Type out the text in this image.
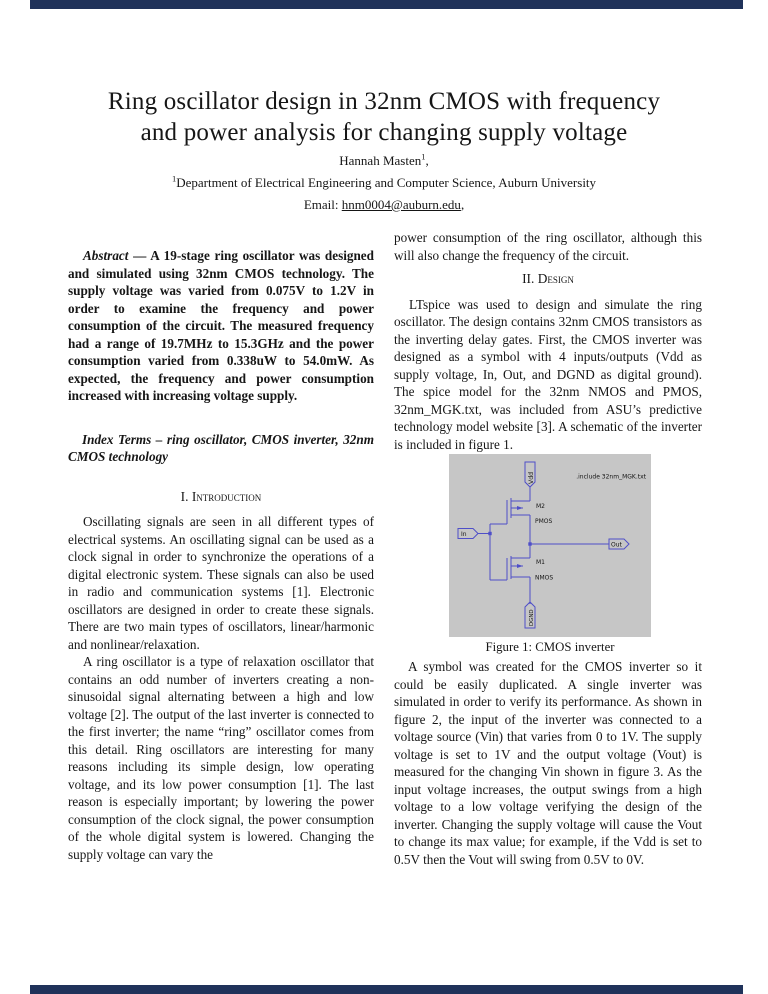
Ring oscillator design in 32nm CMOS with frequency
and power analysis for changing supply voltage
Hannah Masten$^1$,
$^1$Department of Electrical Engineering and Computer Science, Auburn University
Email: hnm0004@auburn.edu,

Abstract — A 19-stage ring oscillator was designed and simulated using 32nm CMOS technology. The supply voltage was varied from 0.075V to 1.2V in order to examine the frequency and power consumption of the circuit. The measured frequency had a range of 19.7MHz to 15.3GHz and the power consumption varied from 0.338uW to 54.0mW. As expected, the frequency and power consumption increased with increasing voltage supply.

Index Terms – ring oscillator, CMOS inverter, 32nm CMOS technology

I. Introduction

Oscillating signals are seen in all different types of electrical systems. An oscillating signal can be used as a clock signal in order to synchronize the operations of a digital electronic system. These signals can also be used in radio and communication systems [1]. Electronic oscillators are designed in order to create these signals. There are two main types of oscillators, linear/harmonic and nonlinear/relaxation.

A ring oscillator is a type of relaxation oscillator that contains an odd number of inverters creating a non-sinusoidal signal alternating between a high and low voltage [2]. The output of the last inverter is connected to the first inverter; the name “ring” oscillator comes from this detail. Ring oscillators are interesting for many reasons including its simple design, low operating voltage, and its low power consumption [1]. The last reason is especially important; by lowering the power consumption of the clock signal, the power consumption of the whole digital system is lowered. Changing the supply voltage can vary the

power consumption of the ring oscillator, although this will also change the frequency of the circuit.

II. Design

LTspice was used to design and simulate the ring oscillator. The design contains 32nm CMOS transistors as the inverting delay gates. First, the CMOS inverter was designed as a symbol with 4 inputs/outputs (Vdd as supply voltage, In, Out, and DGND as digital ground). The spice model for the 32nm NMOS and PMOS, 32nm_MGK.txt, was included from ASU’s predictive technology model website [3]. A schematic of the inverter is included in figure 1.

.include 32nm_MGK.txt
Vdd
M2
PMOS
M1
NMOS
In
Out
DGND
Figure 1: CMOS inverter

A symbol was created for the CMOS inverter so it could be easily duplicated. A single inverter was simulated in order to verify its performance. As shown in figure 2, the input of the inverter was connected to a voltage source (Vin) that varies from 0 to 1V. The supply voltage is set to 1V and the output voltage (Vout) is measured for the changing Vin shown in figure 3. As the input voltage increases, the output swings from a high voltage to a low voltage verifying the design of the inverter. Changing the supply voltage will cause the Vout to change its max value; for example, if the Vdd is set to 0.5V then the Vout will swing from 0.5V to 0V.
